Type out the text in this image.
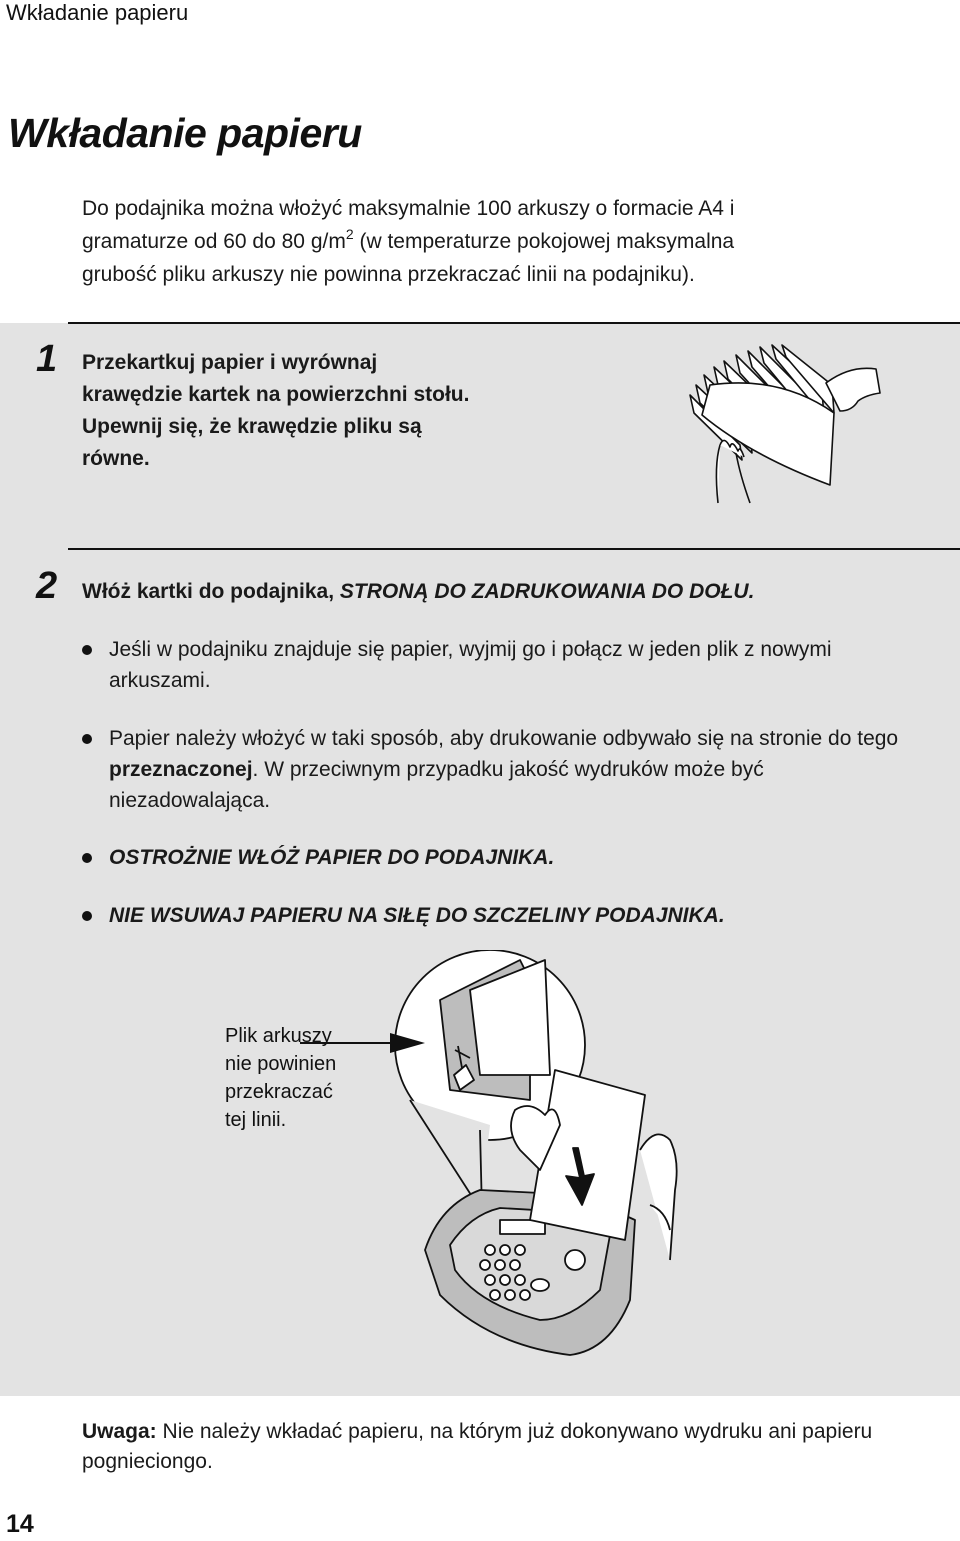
Wkładanie papieru
Wkładanie papieru
Do podajnika można włożyć maksymalnie 100 arkuszy o formacie A4 i
gramaturze od 60 do 80 $g/m^2$ (w temperaturze pokojowej maksymalna
grubość pliku arkuszy nie powinna przekraczać linii na podajniku).
1 Przekartkuj papier i wyrównaj
krawędzie kartek na powierzchni stołu.
Upewnij się, że krawędzie pliku są
równe.
2 Włóż kartki do podajnika, STRONĄ DO ZADRUKOWANIA DO DOŁU.
Jeśli w podajniku znajduje się papier, wyjmij go i połącz w jeden plik z nowymi arkuszami.
Papier należy włożyć w taki sposób, aby drukowanie odbywało się na stronie do tego przeznaczonej. W przeciwnym przypadku jakość wydruków może być niezadowalająca.
OSTROŻNIE WŁÓŻ PAPIER DO PODAJNIKA.
NIE WSUWAJ PAPIERU NA SIŁĘ DO SZCZELINY PODAJNIKA.
Plik arkuszy
nie powinien
przekraczać
tej linii.
Uwaga: Nie należy wkładać papieru, na którym już dokonywano wydruku ani papieru pognieciongo.
14
